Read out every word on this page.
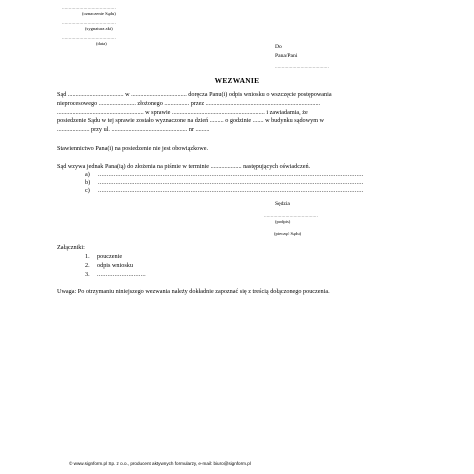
........................................
(oznaczenie Sądu)
........................................
(sygnatura akt)
........................................
(data)
Do
Pana/Pani
........................................
WEZWANIE
Sąd .................................... w .................................... doręcza Panu(i) odpis wniosku o wszczęcie postępowania
nieprocesowego ........................ złożonego ................ przez ..........................................................................
........................................................ w sprawie ............................................................ i zawiadamia, że
posiedzenie Sądu w tej sprawie zostało wyznaczone na dzień ......... o godzinie ....... w budynku sądowym w
..................... przy ul. ................................................. nr .........
Stawiennictwo Pana(i) na posiedzenie nie jest obowiązkowe.
Sąd wzywa jednak Pana(ią) do złożenia na piśmie w terminie .................... następujących oświadczeń.
a) ........................................................................................................................................................
b) ........................................................................................................................................................
c) ........................................................................................................................................................
Sędzia
........................................
(podpis)
(pieczęć Sądu)
Załączniki:
1. pouczenie
2. odpis wniosku
3. ............................
Uwaga: Po otrzymaniu niniejszego wezwania należy dokładnie zapoznać się z treścią dołączonego pouczenia.
© www.signform.pl Sp. z o.o., producent aktywnych formularzy, e-mail: biuro@signform.pl
